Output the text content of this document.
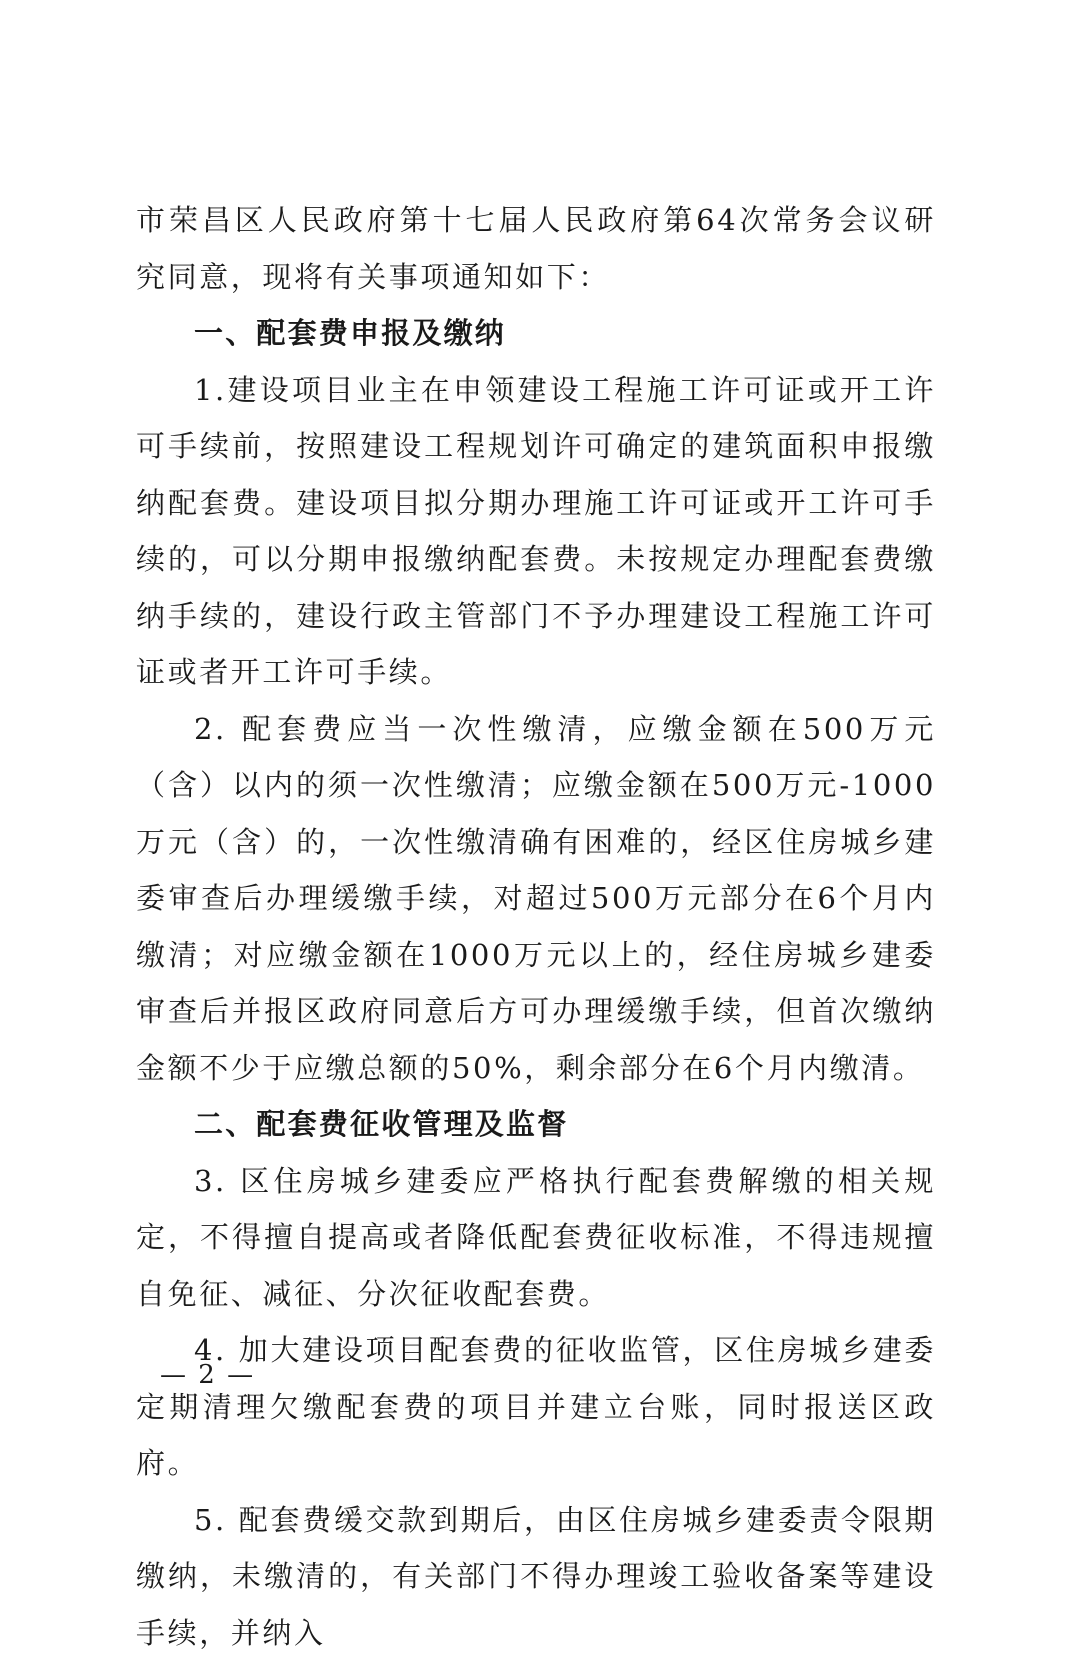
市荣昌区人民政府第十七届人民政府第64次常务会议研究同意，现将有关事项通知如下：

一、配套费申报及缴纳

1.建设项目业主在申领建设工程施工许可证或开工许可手续前，按照建设工程规划许可确定的建筑面积申报缴纳配套费。建设项目拟分期办理施工许可证或开工许可手续的，可以分期申报缴纳配套费。未按规定办理配套费缴纳手续的，建设行政主管部门不予办理建设工程施工许可证或者开工许可手续。

2. 配套费应当一次性缴清，应缴金额在500万元（含）以内的须一次性缴清；应缴金额在500万元-1000万元（含）的，一次性缴清确有困难的，经区住房城乡建委审查后办理缓缴手续，对超过500万元部分在6个月内缴清；对应缴金额在1000万元以上的，经住房城乡建委审查后并报区政府同意后方可办理缓缴手续，但首次缴纳金额不少于应缴总额的50%，剩余部分在6个月内缴清。

二、配套费征收管理及监督

3. 区住房城乡建委应严格执行配套费解缴的相关规定，不得擅自提高或者降低配套费征收标准，不得违规擅自免征、减征、分次征收配套费。

4. 加大建设项目配套费的征收监管，区住房城乡建委定期清理欠缴配套费的项目并建立台账，同时报送区政府。

5. 配套费缓交款到期后，由区住房城乡建委责令限期缴纳，未缴清的，有关部门不得办理竣工验收备案等建设手续，并纳入

— 2 —
